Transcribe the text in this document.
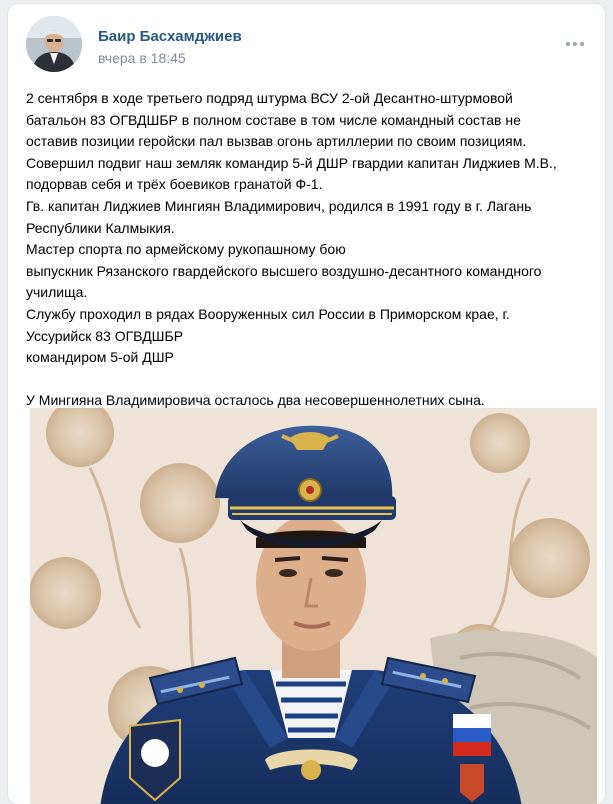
Баир Басхамджиев
вчера в 18:45
2 сентября в ходе третьего подряд штурма ВСУ 2-ой Десантно-штурмовой
батальон 83 ОГВДШБР в полном составе в том числе командный состав не
оставив позиции геройски пал вызвав огонь артиллерии по своим позициям.
Совершил подвиг наш земляк командир 5-й ДШР гвардии капитан Лиджиев М.В.,
подорвав себя и трёх боевиков гранатой Ф-1.
Гв. капитан Лиджиев Мингиян Владимирович, родился в 1991 году в г. Лагань
Республики Калмыкия.
Мастер спорта по армейскому рукопашному бою
выпускник Рязанского гвардейского высшего воздушно-десантного командного
училища.
Службу проходил в рядах Вооруженных сил России в Приморском крае, г.
Уссурийск 83 ОГВДШБР
командиром 5-ой ДШР
У Мингияна Владимировича осталось два несовершеннолетних сына.
